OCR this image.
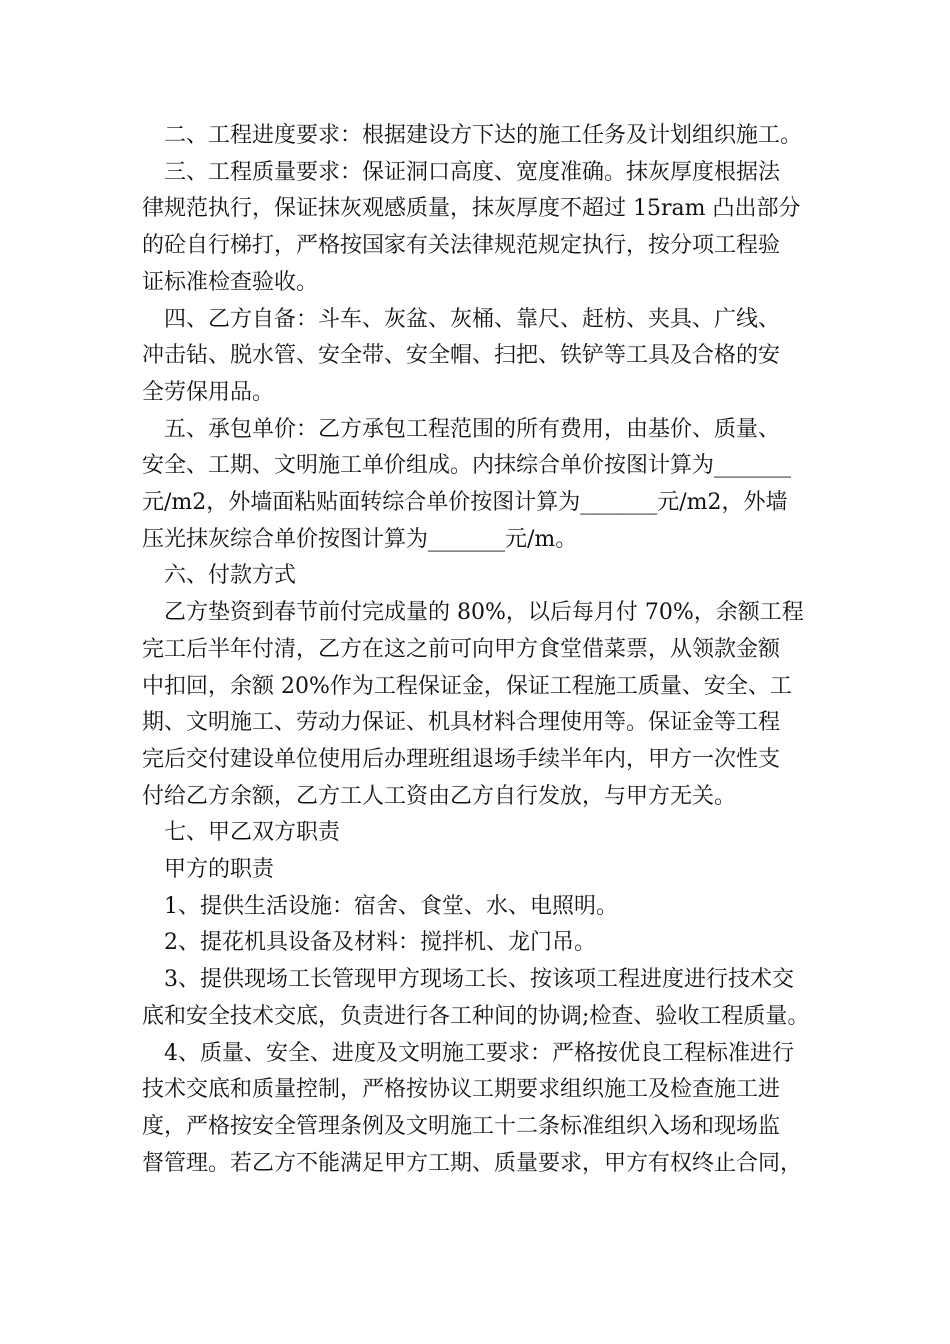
二、工程进度要求：根据建设方下达的施工任务及计划组织施工。
三、工程质量要求：保证洞口高度、宽度准确。抹灰厚度根据法
律规范执行，保证抹灰观感质量，抹灰厚度不超过 15ram 凸出部分
的砼自行梯打，严格按国家有关法律规范规定执行，按分项工程验
证标准检查验收。
四、乙方自备：斗车、灰盆、灰桶、靠尺、赶枋、夹具、广线、
冲击钻、脱水管、安全带、安全帽、扫把、铁铲等工具及合格的安
全劳保用品。
五、承包单价：乙方承包工程范围的所有费用，由基价、质量、
安全、工期、文明施工单价组成。内抹综合单价按图计算为_______
元/m2，外墙面粘贴面转综合单价按图计算为_______元/m2，外墙
压光抹灰综合单价按图计算为_______元/m。
六、付款方式
乙方垫资到春节前付完成量的 80%，以后每月付 70%，余额工程
完工后半年付清，乙方在这之前可向甲方食堂借菜票，从领款金额
中扣回，余额 20%作为工程保证金，保证工程施工质量、安全、工
期、文明施工、劳动力保证、机具材料合理使用等。保证金等工程
完后交付建设单位使用后办理班组退场手续半年内，甲方一次性支
付给乙方余额，乙方工人工资由乙方自行发放，与甲方无关。
七、甲乙双方职责
甲方的职责
1、提供生活设施：宿舍、食堂、水、电照明。
2、提花机具设备及材料：搅拌机、龙门吊。
3、提供现场工长管现甲方现场工长、按该项工程进度进行技术交
底和安全技术交底，负责进行各工种间的协调;检查、验收工程质量。
4、质量、安全、进度及文明施工要求：严格按优良工程标准进行
技术交底和质量控制，严格按协议工期要求组织施工及检查施工进
度，严格按安全管理条例及文明施工十二条标准组织入场和现场监
督管理。若乙方不能满足甲方工期、质量要求，甲方有权终止合同，
